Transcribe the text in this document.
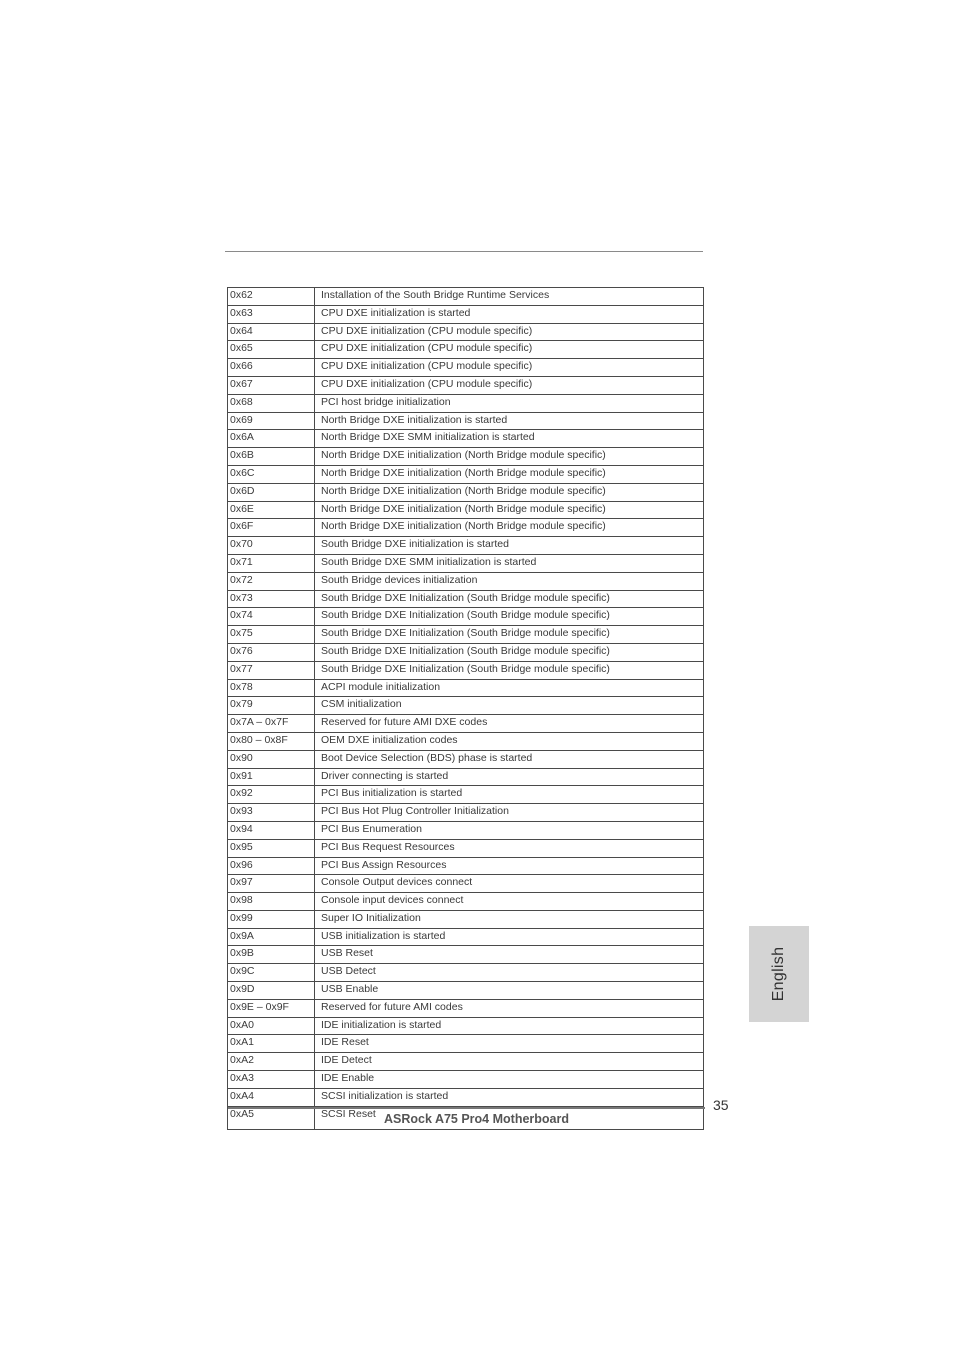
0x62	Installation of the South Bridge Runtime Services
0x63	CPU DXE initialization is started
0x64	CPU DXE initialization (CPU module specific)
0x65	CPU DXE initialization (CPU module specific)
0x66	CPU DXE initialization (CPU module specific)
0x67	CPU DXE initialization (CPU module specific)
0x68	PCI host bridge initialization
0x69	North Bridge DXE initialization is started
0x6A	North Bridge DXE SMM initialization is started
0x6B	North Bridge DXE initialization (North Bridge module specific)
0x6C	North Bridge DXE initialization (North Bridge module specific)
0x6D	North Bridge DXE initialization (North Bridge module specific)
0x6E	North Bridge DXE initialization (North Bridge module specific)
0x6F	North Bridge DXE initialization (North Bridge module specific)
0x70	South Bridge DXE initialization is started
0x71	South Bridge DXE SMM initialization is started
0x72	South Bridge devices initialization
0x73	South Bridge DXE Initialization (South Bridge module specific)
0x74	South Bridge DXE Initialization (South Bridge module specific)
0x75	South Bridge DXE Initialization (South Bridge module specific)
0x76	South Bridge DXE Initialization (South Bridge module specific)
0x77	South Bridge DXE Initialization (South Bridge module specific)
0x78	ACPI module initialization
0x79	CSM initialization
0x7A – 0x7F	Reserved for future AMI DXE codes
0x80 – 0x8F	OEM DXE initialization codes
0x90	Boot Device Selection (BDS) phase is started
0x91	Driver connecting is started
0x92	PCI Bus initialization is started
0x93	PCI Bus Hot Plug Controller Initialization
0x94	PCI Bus Enumeration
0x95	PCI Bus Request Resources
0x96	PCI Bus Assign Resources
0x97	Console Output devices connect
0x98	Console input devices connect
0x99	Super IO Initialization
0x9A	USB initialization is started
0x9B	USB Reset
0x9C	USB Detect
0x9D	USB Enable
0x9E – 0x9F	Reserved for future AMI codes
0xA0	IDE initialization is started
0xA1	IDE Reset
0xA2	IDE Detect
0xA3	IDE Enable
0xA4	SCSI initialization is started
0xA5	SCSI Reset
English
35
ASRock A75 Pro4 Motherboard
